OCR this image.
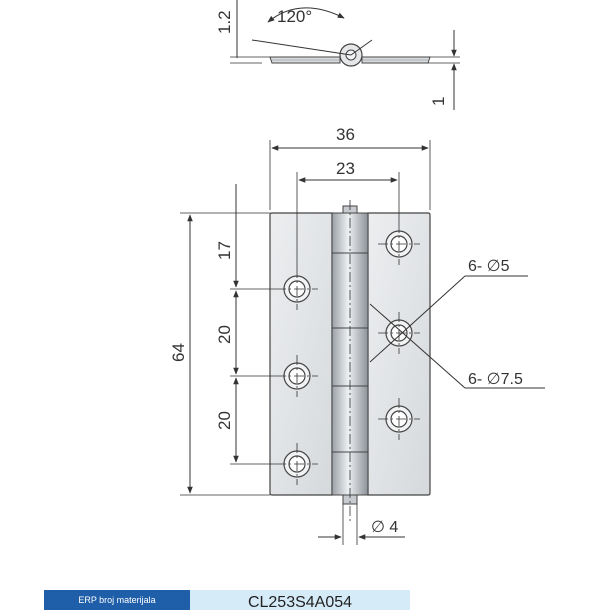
120°
1.2
1
36
23
64
17
20
20
6- ∅5
6- ∅7.5
∅ 4
ERP broj materijala	CL253S4A054
